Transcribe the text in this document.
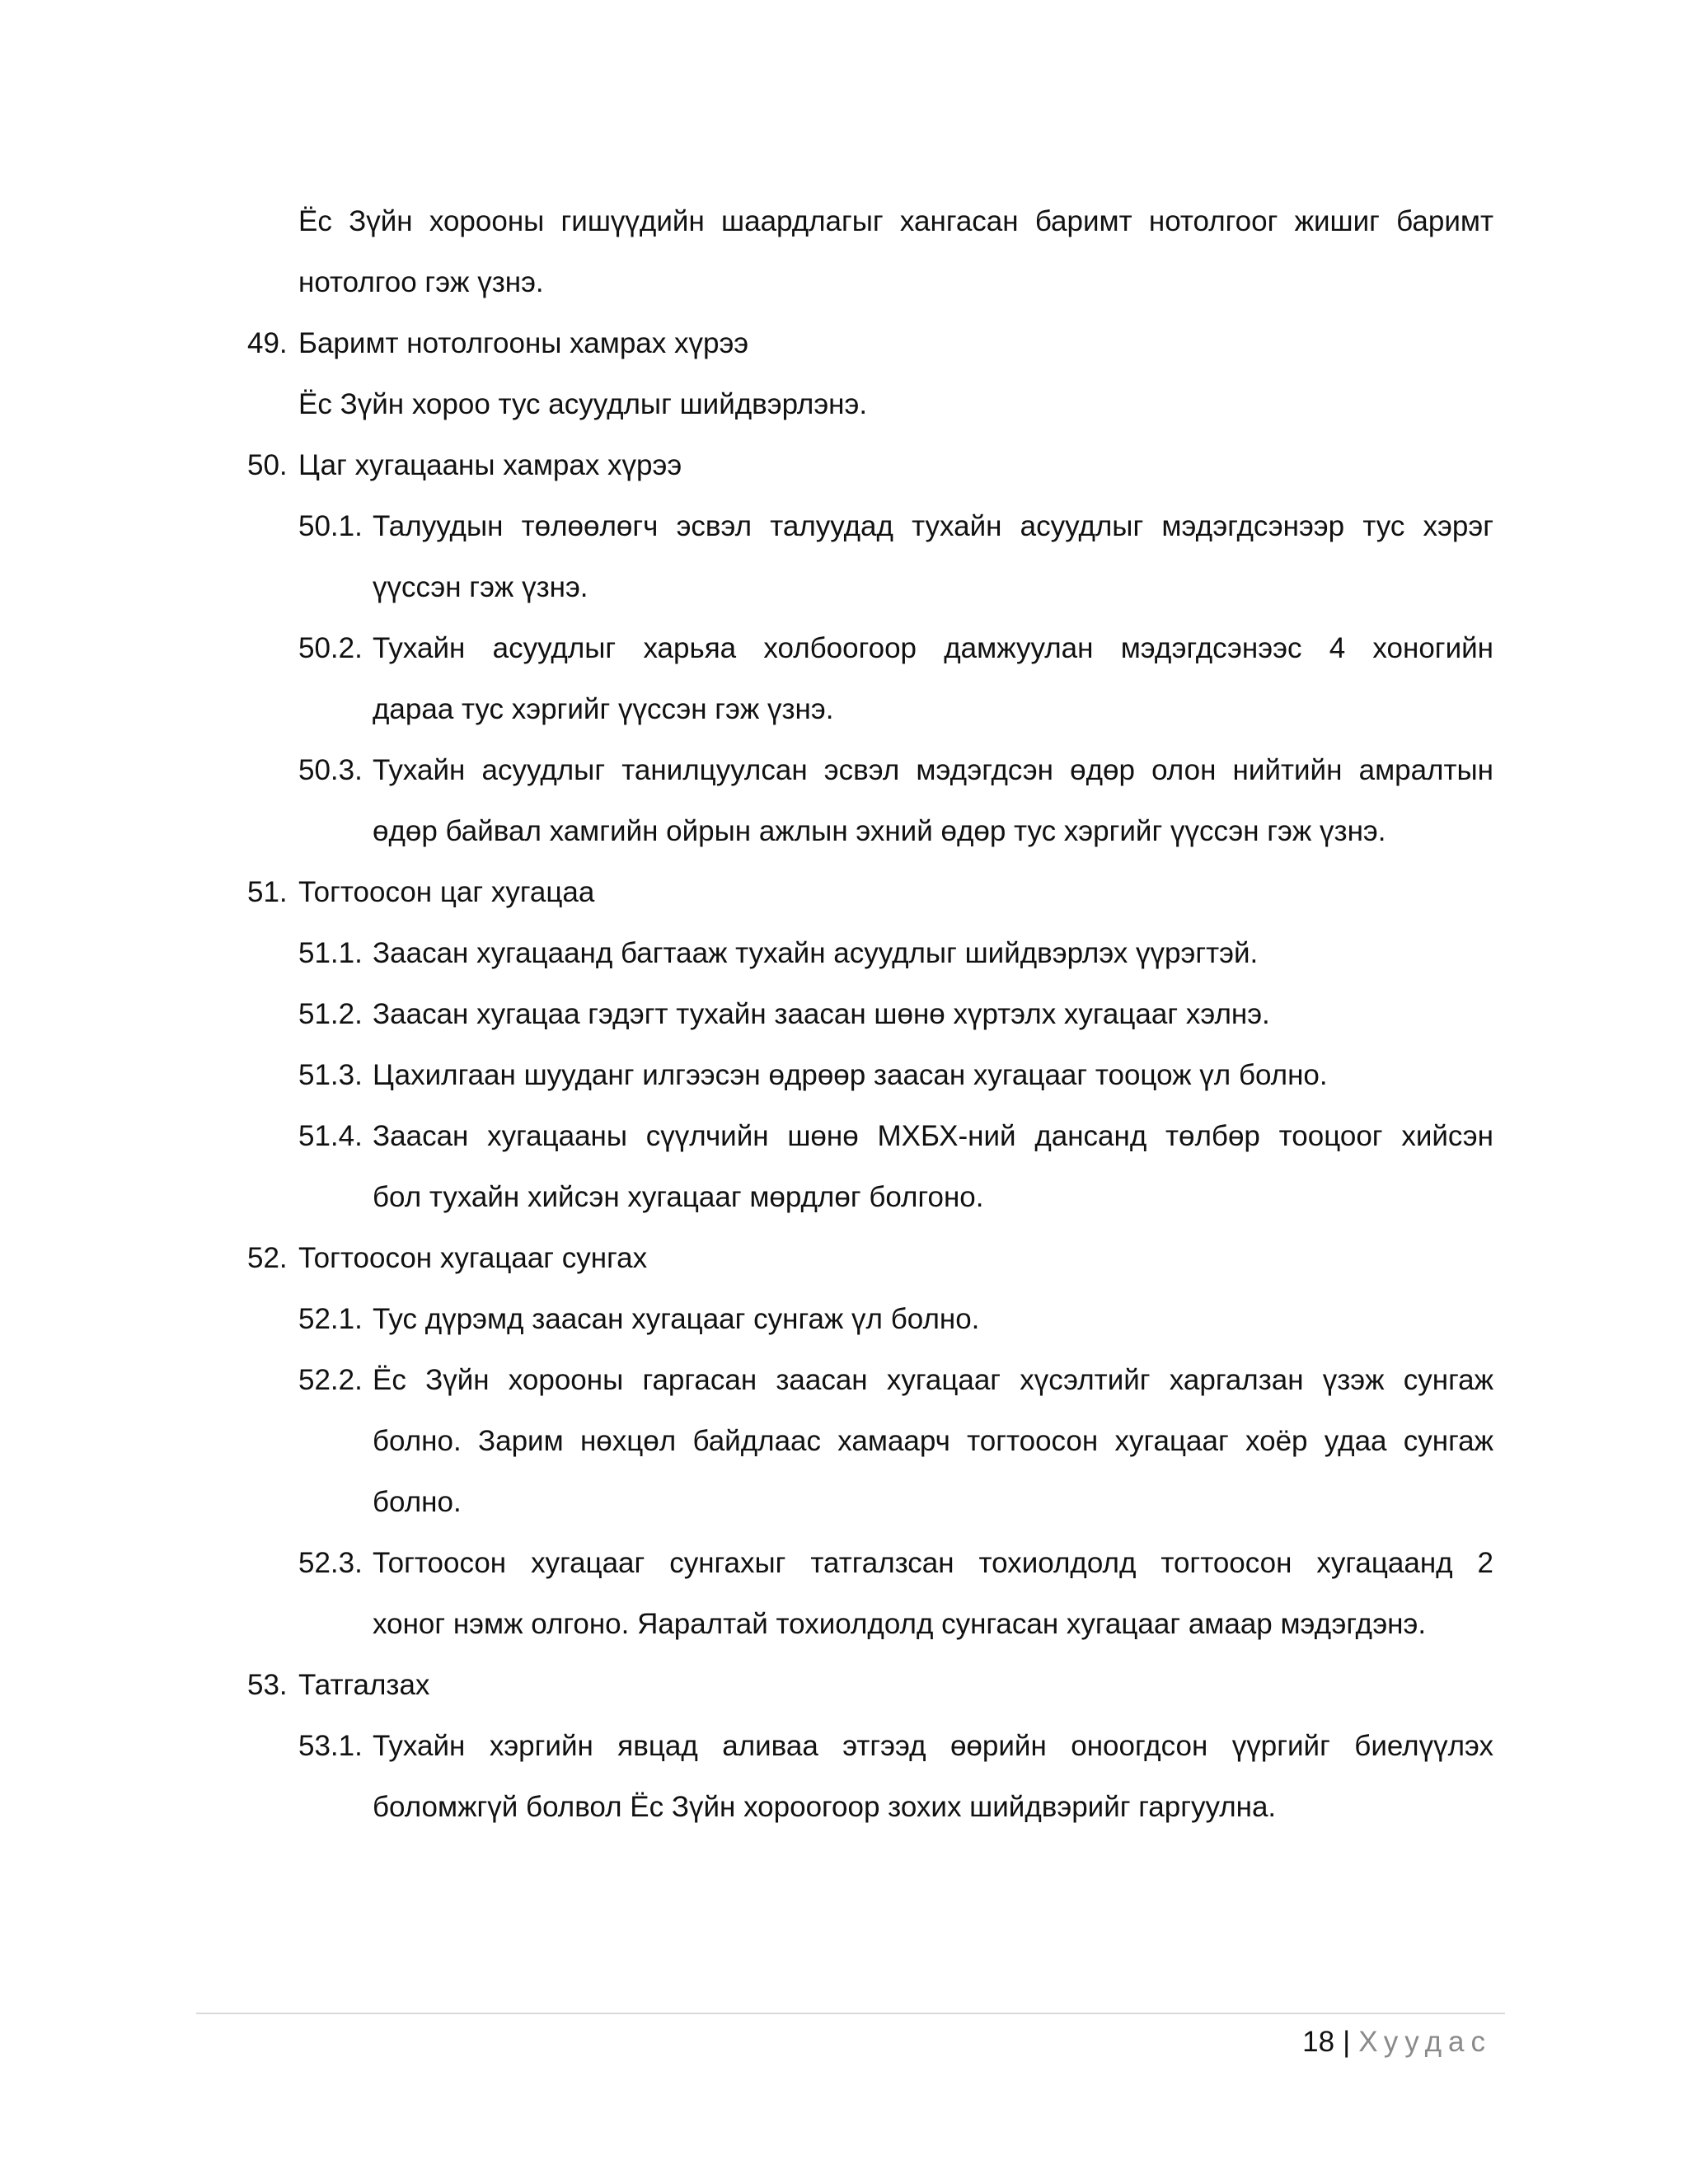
Ёс Зүйн хорооны гишүүдийн шаардлагыг хангасан баримт нотолгоог жишиг баримт
нотолгоо гэж үзнэ.
49. Баримт нотолгооны хамрах хүрээ
Ёс Зүйн хороо тус асуудлыг шийдвэрлэнэ.
50. Цаг хугацааны хамрах хүрээ
50.1. Талуудын төлөөлөгч эсвэл талуудад тухайн асуудлыг мэдэгдсэнээр тус хэрэг
үүссэн гэж үзнэ.
50.2. Тухайн асуудлыг харьяа холбоогоор дамжуулан мэдэгдсэнээс 4 хоногийн
дараа тус хэргийг үүссэн гэж үзнэ.
50.3. Тухайн асуудлыг танилцуулсан эсвэл мэдэгдсэн өдөр олон нийтийн амралтын
өдөр байвал хамгийн ойрын ажлын эхний өдөр тус хэргийг үүссэн гэж үзнэ.
51. Тогтоосон цаг хугацаа
51.1. Заасан хугацаанд багтааж тухайн асуудлыг шийдвэрлэх үүрэгтэй.
51.2. Заасан хугацаа гэдэгт тухайн заасан шөнө хүртэлх хугацааг хэлнэ.
51.3. Цахилгаан шуудaнг илгээсэн өдрөөр заасан хугацааг тооцож үл болно.
51.4. Заасан хугацааны сүүлчийн шөнө МХБХ-ний дансанд төлбөр тооцоог хийсэн
бол тухайн хийсэн хугацааг мөрдлөг болгоно.
52. Тогтоосон хугацааг сунгах
52.1. Тус дүрэмд заасан хугацааг сунгаж үл болно.
52.2. Ёс Зүйн хорооны гаргасан заасан хугацааг хүсэлтийг харгалзан үзэж сунгаж
болно. Зарим нөхцөл байдлаас хамаарч тогтоосон хугацааг хоёр удаа сунгаж
болно.
52.3. Тогтоосон хугацааг сунгахыг татгалзсан тохиолдолд тогтоосон хугацаанд 2
хоног нэмж олгоно. Яаралтай тохиолдолд сунгасан хугацааг амаар мэдэгдэнэ.
53. Татгалзах
53.1. Тухайн хэргийн явцад аливаа этгээд өөрийн оноогдсон үүргийг биелүүлэх
боломжгүй болвол Ёс Зүйн хороогоор зохих шийдвэрийг гаргуулна.
18 | Хуудас
